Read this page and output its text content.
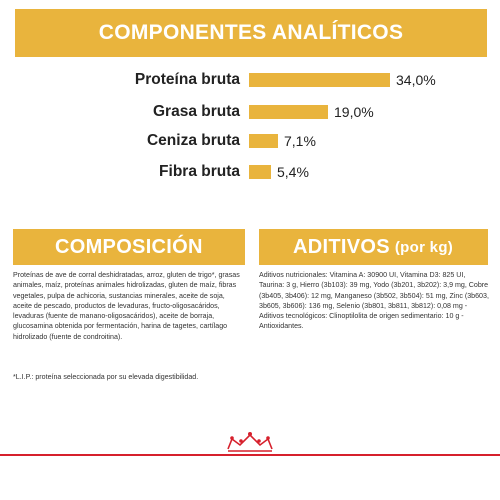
COMPONENTES ANALÍTICOS
Proteína bruta	34,0%
Grasa bruta	19,0%
Ceniza bruta	7,1%
Fibra bruta	5,4%
COMPOSICIÓN	ADITIVOS (por kg)
Proteínas de ave de corral deshidratadas, arroz, gluten de trigo*, grasas animales, maíz, proteínas animales hidrolizadas, gluten de maíz, fibras vegetales, pulpa de achicoria, sustancias minerales, aceite de soja, aceite de pescado, productos de levaduras, fructo-oligosacáridos, levaduras (fuente de manano-oligosacáridos), aceite de borraja, glucosamina obtenida por fermentación, harina de tagetes, cartílago hidrolizado (fuente de condroitina).
*L.I.P.: proteína seleccionada por su elevada digestibilidad.
Aditivos nutricionales: Vitamina A: 30900 UI, Vitamina D3: 825 UI, Taurina: 3 g, Hierro (3b103): 39 mg, Yodo (3b201, 3b202): 3,9 mg, Cobre (3b405, 3b406): 12 mg, Manganeso (3b502, 3b504): 51 mg, Zinc (3b603, 3b605, 3b606): 136 mg, Selenio (3b801, 3b811, 3b812): 0,08 mg - Aditivos tecnológicos: Clinoptilolita de origen sedimentario: 10 g - Antioxidantes.
